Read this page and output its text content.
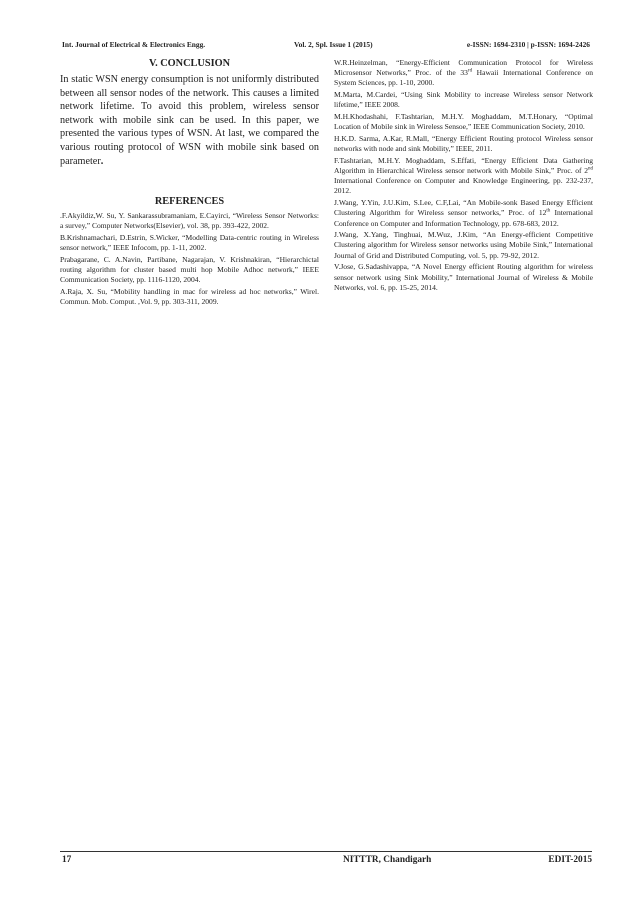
Int. Journal of Electrical & Electronics Engg.	Vol. 2, Spl. Issue 1 (2015)	e-ISSN: 1694-2310 | p-ISSN: 1694-2426
V. CONCLUSION

In static WSN energy consumption is not uniformly distributed between all sensor nodes of the network. This causes a limited network lifetime. To avoid this problem, wireless sensor network with mobile sink can be used. In this paper, we presented the various types of WSN. At last, we compared the various routing protocol of WSN with mobile sink based on parameter.

REFERENCES

.F.Akyildiz,W. Su, Y. Sankarassubramaniam, E.Cayirci, “Wireless Sensor Networks: a survey,” Computer Networks(Elsevier), vol. 38, pp. 393-422, 2002.

B.Krishnamachari, D.Estrin, S.Wicker, “Modelling Data-centric routing in Wireless sensor network,” IEEE Infocom, pp. 1-11, 2002.

Prabagarane, C. A.Navin, Partibane, Nagarajan, V. Krishnakiran, “Hierarchictal routing algorithm for cluster based multi hop Mobile Adhoc network,” IEEE Communication Society, pp. 1116-1120, 2004.

A.Raja, X. Su, “Mobility handling in mac for wireless ad hoc networks,” Wirel. Commun. Mob. Comput. ,Vol. 9, pp. 303-311, 2009.

W.R.Heinzelman, “Energy-Efficient Communication Protocol for Wireless Microsensor Networks,” Proc. of the 33rd Hawaii International Conference on System Sciences, pp. 1-10, 2000.

M.Marta, M.Cardei, “Using Sink Mobility to increase Wireless sensor Network lifetime,” IEEE 2008.

M.H.Khodashahi, F.Tashtarian, M.H.Y. Moghaddam, M.T.Honary, “Optimal Location of Mobile sink in Wireless Sensoe,” IEEE Communication Society, 2010.

H.K.D. Sarma, A.Kar, R.Mall, “Energy Efficient Routing protocol Wireless sensor networks with node and sink Mobility,” IEEE, 2011.

F.Tashtarian, M.H.Y. Moghaddam, S.Effati, “Energy Efficient Data Gathering Algorithm in Hierarchical Wireless sensor network with Mobile Sink,” Proc. of 2nd International Conference on Computer and Knowledge Engineering, pp. 232-237, 2012.

J.Wang, Y.Yin, J.U.Kim, S.Lee, C.F,Lai, “An Mobile-sonk Based Energy Efficient Clustering Algorithm for Wireless sensor networks,” Proc. of 12th International Conference on Computer and Information Technology, pp. 678-683, 2012.

J.Wang, X.Yang, Tinghuai, M.Wuz, J.Kim, “An Energy-efficient Competitive Clustering algorithm for Wireless sensor networks using Mobile Sink,” International Journal of Grid and Distributed Computing, vol. 5, pp. 79-92, 2012.

V.Jose, G.Sadashivappa, “A Novel Energy efficient Routing algorithm for wireless sensor network using Sink Mobility,” International Journal of Wireless & Mobile Networks, vol. 6, pp. 15-25, 2014.

17	NITTTR, Chandigarh	EDIT-2015
